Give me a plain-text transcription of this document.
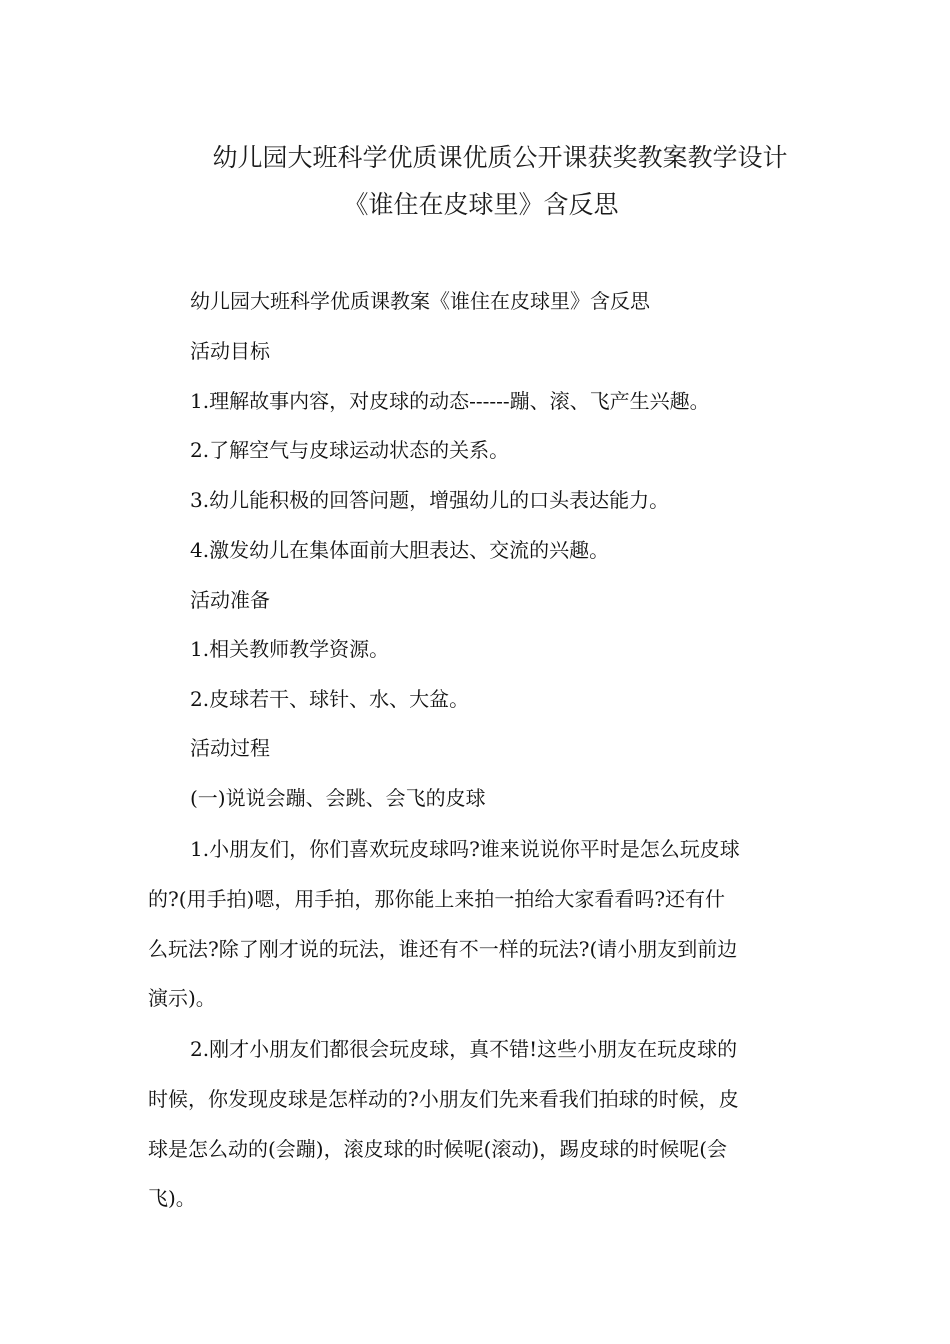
幼儿园大班科学优质课优质公开课获奖教案教学设计
《谁住在皮球里》含反思
幼儿园大班科学优质课教案《谁住在皮球里》含反思
活动目标
1.理解故事内容，对皮球的动态------蹦、滚、飞产生兴趣。
2.了解空气与皮球运动状态的关系。
3.幼儿能积极的回答问题，增强幼儿的口头表达能力。
4.激发幼儿在集体面前大胆表达、交流的兴趣。
活动准备
1.相关教师教学资源。
2.皮球若干、球针、水、大盆。
活动过程
(一)说说会蹦、会跳、会飞的皮球
1.小朋友们，你们喜欢玩皮球吗?谁来说说你平时是怎么玩皮球
的?(用手拍)嗯，用手拍，那你能上来拍一拍给大家看看吗?还有什
么玩法?除了刚才说的玩法，谁还有不一样的玩法?(请小朋友到前边
演示)。
2.刚才小朋友们都很会玩皮球，真不错!这些小朋友在玩皮球的
时候，你发现皮球是怎样动的?小朋友们先来看我们拍球的时候，皮
球是怎么动的(会蹦)，滚皮球的时候呢(滚动)，踢皮球的时候呢(会
飞)。
